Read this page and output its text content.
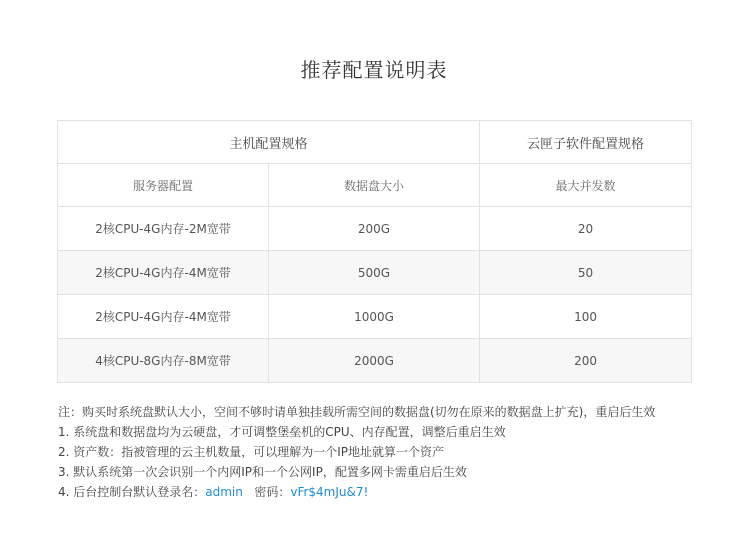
推荐配置说明表
主机配置规格		云匣子软件配置规格
服务器配置	数据盘大小	最大并发数
2核CPU-4G内存-2M宽带	200G	20
2核CPU-4G内存-4M宽带	500G	50
2核CPU-4G内存-4M宽带	1000G	100
4核CPU-8G内存-8M宽带	2000G	200
注：购买时系统盘默认大小，空间不够时请单独挂载所需空间的数据盘(切勿在原来的数据盘上扩充)，重启后生效
1. 系统盘和数据盘均为云硬盘，才可调整堡垒机的CPU、内存配置，调整后重启生效
2. 资产数：指被管理的云主机数量，可以理解为一个IP地址就算一个资产
3. 默认系统第一次会识别一个内网IP和一个公网IP，配置多网卡需重启后生效
4. 后台控制台默认登录名：admin 密码：vFr$4mJu&7!
